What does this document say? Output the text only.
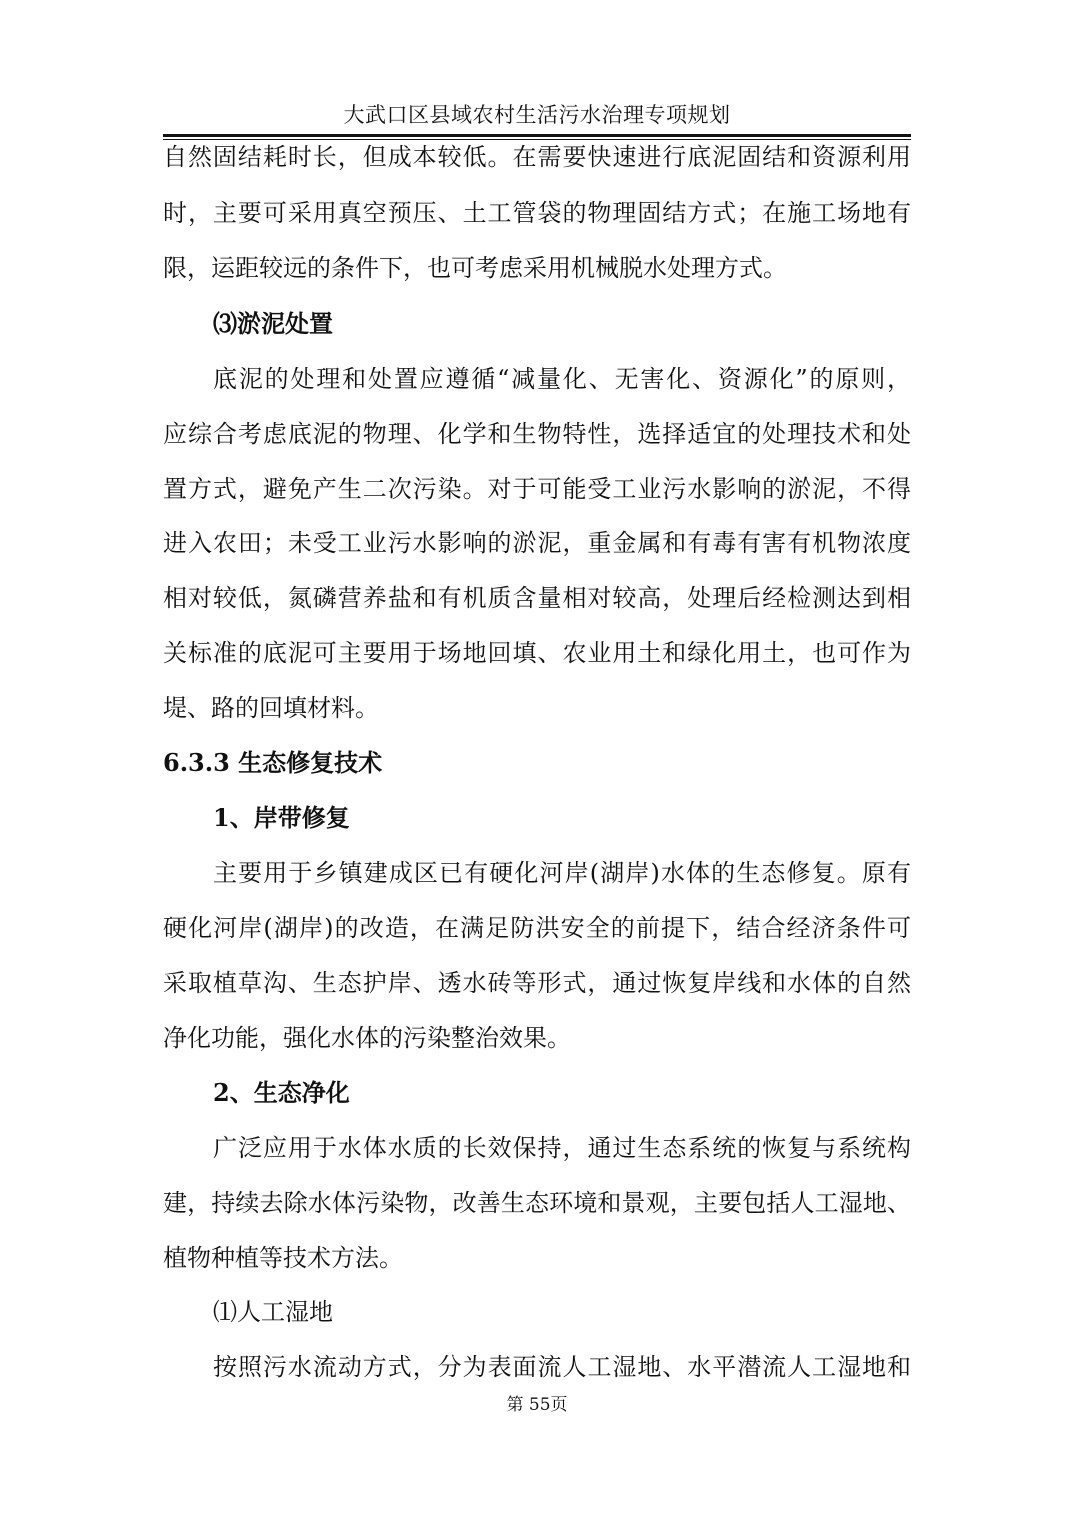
大武口区县域农村生活污水治理专项规划
自然固结耗时长，但成本较低。在需要快速进行底泥固结和资源利用
时，主要可采用真空预压、土工管袋的物理固结方式；在施工场地有
限，运距较远的条件下，也可考虑采用机械脱水处理方式。
⑶淤泥处置
底泥的处理和处置应遵循“减量化、无害化、资源化”的原则，
应综合考虑底泥的物理、化学和生物特性，选择适宜的处理技术和处
置方式，避免产生二次污染。对于可能受工业污水影响的淤泥，不得
进入农田；未受工业污水影响的淤泥，重金属和有毒有害有机物浓度
相对较低，氮磷营养盐和有机质含量相对较高，处理后经检测达到相
关标准的底泥可主要用于场地回填、农业用土和绿化用土，也可作为
堤、路的回填材料。
6.3.3 生态修复技术
1、岸带修复
主要用于乡镇建成区已有硬化河岸(湖岸)水体的生态修复。原有
硬化河岸(湖岸)的改造，在满足防洪安全的前提下，结合经济条件可
采取植草沟、生态护岸、透水砖等形式，通过恢复岸线和水体的自然
净化功能，强化水体的污染整治效果。
2、生态净化
广泛应用于水体水质的长效保持，通过生态系统的恢复与系统构
建，持续去除水体污染物，改善生态环境和景观，主要包括人工湿地、
植物种植等技术方法。
⑴人工湿地
按照污水流动方式，分为表面流人工湿地、水平潜流人工湿地和
第 55页
